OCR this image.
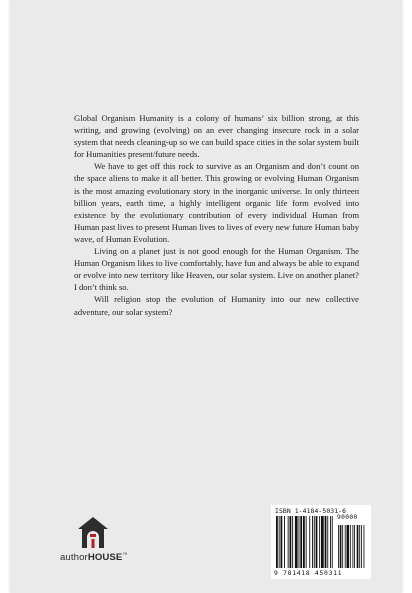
Global Organism Humanity is a colony of humans’ six billion strong, at this writing, and growing (evolving) on an ever changing insecure rock in a solar system that needs cleaning-up so we can build space cities in the solar system built for Humanities present/future needs.

We have to get off this rock to survive as an Organism and don’t count on the space aliens to make it all better. This growing or evolving Human Organism is the most amazing evolutionary story in the inorganic universe. In only thirteen billion years, earth time, a highly intelligent organic life form evolved into existence by the evolutionary contribution of every individual Human from Human past lives to present Human lives to lives of every new future Human baby wave, of Human Evolution.

Living on a planet just is not good enough for the Human Organism. The Human Organism likes to live comfortably, have fun and always be able to expand or evolve into new territory like Heaven, our solar system. Live on another planet? I don’t think so.

Will religion stop the evolution of Humanity into our new collective adventure, our solar system?

authorHOUSE™
ISBN 1-4184-5031-6
90000
9 781418 450311
